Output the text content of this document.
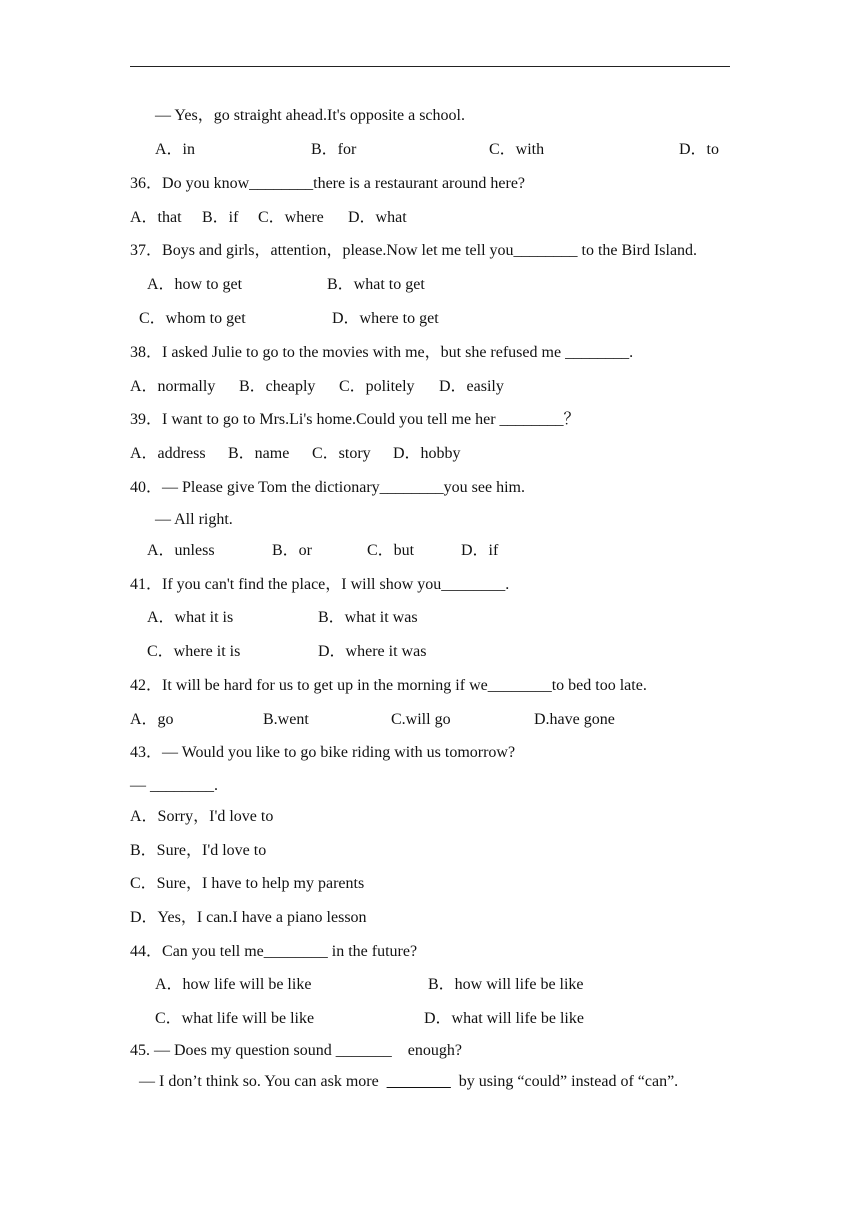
— Yes，go straight ahead.It's opposite a school.
A．in	B．for	C．with	D．to
36．Do you know________there is a restaurant around here?
A．that B．if C．where D．what
37．Boys and girls，attention，please.Now let me tell you________ to the Bird Island.
A．how to get	B．what to get
C．whom to get	D．where to get
38．I asked Julie to go to the movies with me，but she refused me ________.
A．normally B．cheaply C．politely D．easily
39．I want to go to Mrs.Li's home.Could you tell me her ________？
A．address B．name C．story D．hobby
40．— Please give Tom the dictionary________you see him.
— All right.
A．unless	B．or	C．but	D．if
41．If you can't find the place，I will show you________.
A．what it is	B．what it was
C．where it is	D．where it was
42．It will be hard for us to get up in the morning if we________to bed too late.
A．go	B.went	C.will go	D.have gone
43．— Would you like to go bike riding with us tomorrow?
— ________.
A．Sorry，I'd love to
B．Sure，I'd love to
C．Sure，I have to help my parents
D．Yes，I can.I have a piano lesson
44．Can you tell me________ in the future?
A．how life will be like	B．how will life be like
C．what life will be like	D．what will life be like
45. — Does my question sound _______    enough?
— I don’t think so. You can ask more  ________  by using “could” instead of “can”.
